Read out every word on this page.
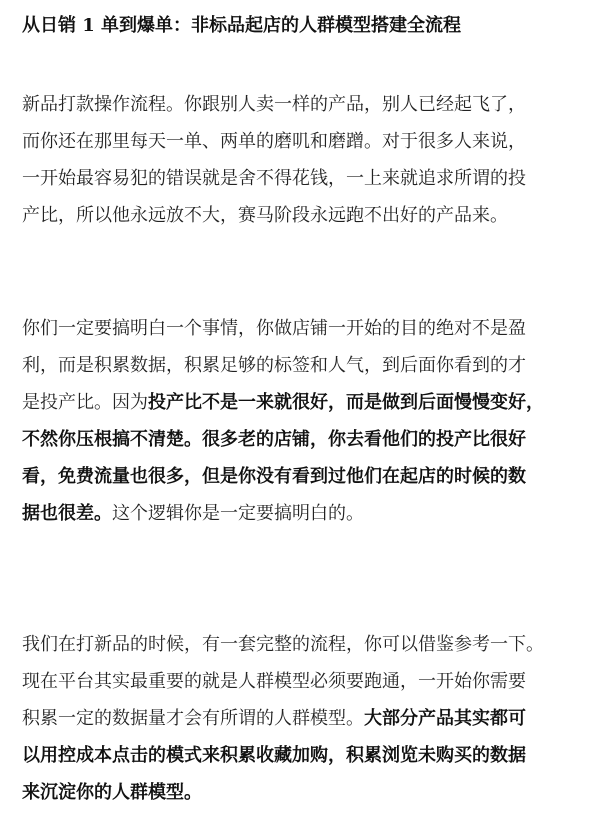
从日销 1 单到爆单：非标品起店的人群模型搭建全流程
新品打款操作流程。你跟别人卖一样的产品，别人已经起飞了，
而你还在那里每天一单、两单的磨叽和磨蹭。对于很多人来说，
一开始最容易犯的错误就是舍不得花钱，一上来就追求所谓的投
产比，所以他永远放不大，赛马阶段永远跑不出好的产品来。
你们一定要搞明白一个事情，你做店铺一开始的目的绝对不是盈
利，而是积累数据，积累足够的标签和人气，到后面你看到的才
是投产比。因为投产比不是一来就很好，而是做到后面慢慢变好，
不然你压根搞不清楚。很多老的店铺，你去看他们的投产比很好
看，免费流量也很多，但是你没有看到过他们在起店的时候的数
据也很差。这个逻辑你是一定要搞明白的。
我们在打新品的时候，有一套完整的流程，你可以借鉴参考一下。
现在平台其实最重要的就是人群模型必须要跑通，一开始你需要
积累一定的数据量才会有所谓的人群模型。大部分产品其实都可
以用控成本点击的模式来积累收藏加购，积累浏览未购买的数据
来沉淀你的人群模型。
